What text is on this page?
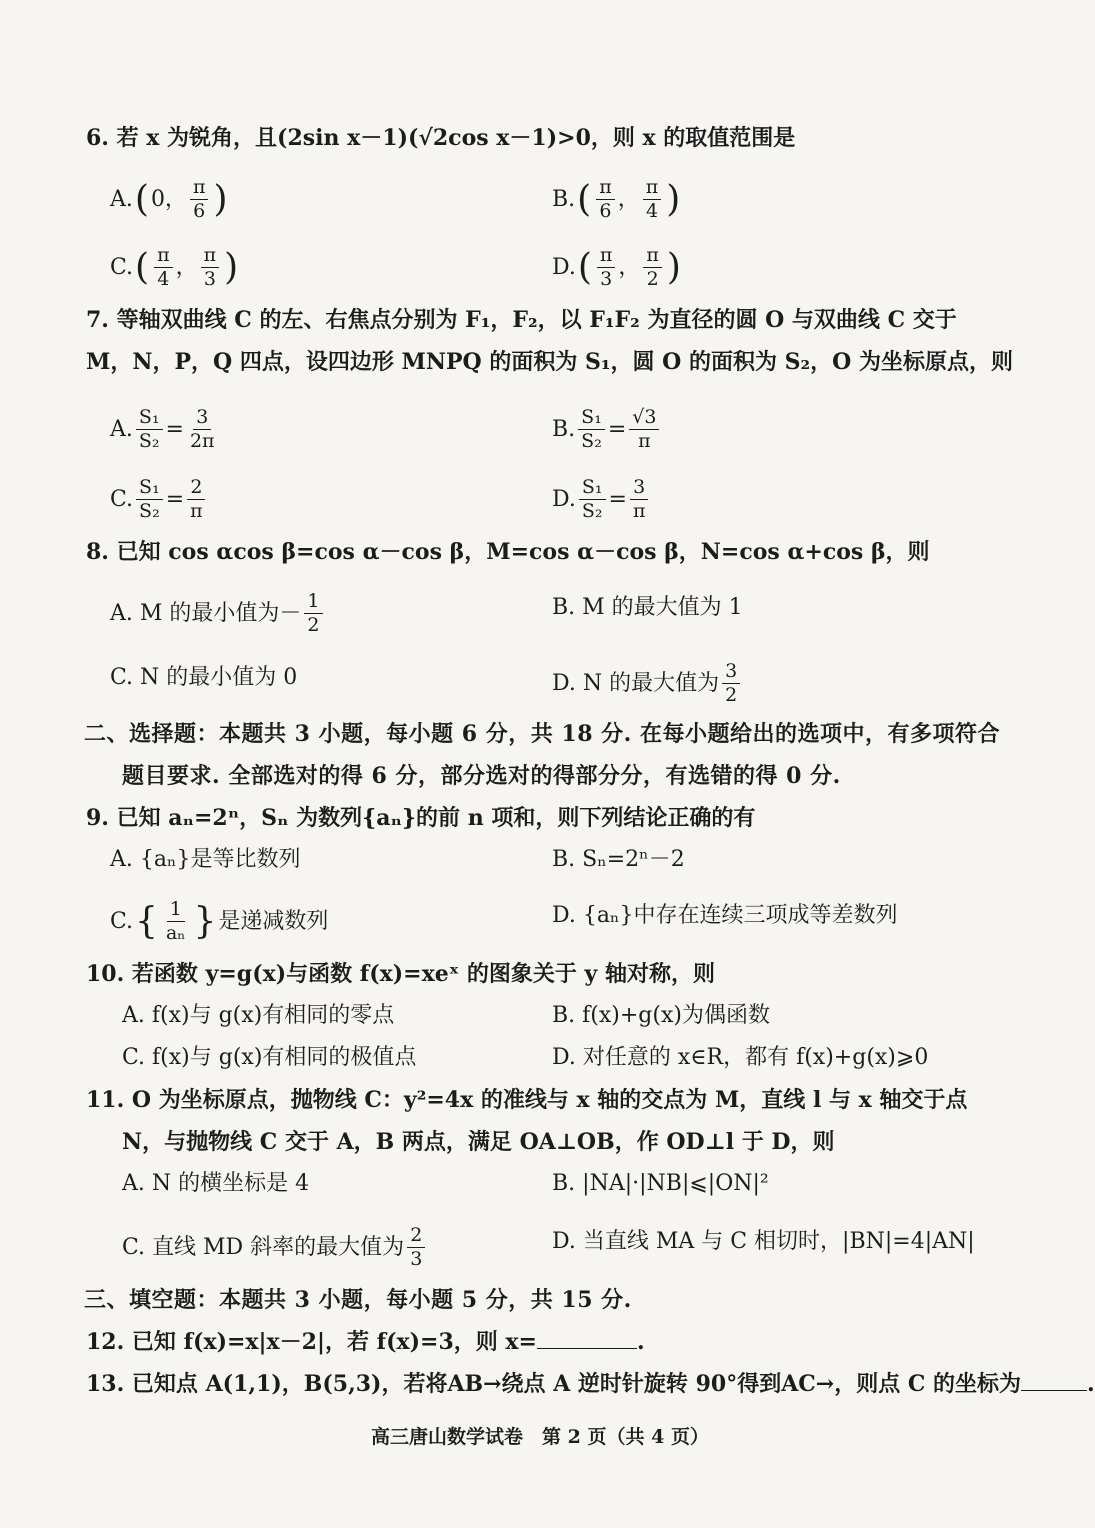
6. 若 x 为锐角，且(2sin x－1)(√2cos x－1)>0，则 x 的取值范围是
A. ( 0， $\frac{\pi}{6}$ )	B. ( $\frac{\pi}{6}$ ， $\frac{\pi}{4}$ )
C. ( $\frac{\pi}{4}$ ， $\frac{\pi}{3}$ )	D. ( $\frac{\pi}{3}$ ， $\frac{\pi}{2}$ )
7. 等轴双曲线 C 的左、右焦点分别为 F₁，F₂，以 F₁F₂ 为直径的圆 O 与双曲线 C 交于
M，N，P，Q 四点，设四边形 MNPQ 的面积为 S₁，圆 O 的面积为 S₂，O 为坐标原点，则
A. $\frac{\text{S₁}}{\text{S₂}} = \frac{3}{2\pi}$	B. $\frac{\text{S₁}}{\text{S₂}} = \frac{√3}{\pi}$
C. $\frac{\text{S₁}}{\text{S₂}} = \frac{2}{\pi}$	D. $\frac{\text{S₁}}{\text{S₂}} = \frac{3}{\pi}$
8. 已知 cos αcos β=cos α－cos β，M=cos α－cos β，N=cos α+cos β，则
A. M 的最小值为－ $\frac{1}{2}$	B. M 的最大值为 1
C. N 的最小值为 0	D. N 的最大值为 $\frac{3}{2}$
二、选择题：本题共 3 小题，每小题 6 分，共 18 分. 在每小题给出的选项中，有多项符合
题目要求. 全部选对的得 6 分，部分选对的得部分分，有选错的得 0 分.
9. 已知 aₙ=2ⁿ，Sₙ 为数列{aₙ}的前 n 项和，则下列结论正确的有
A. {aₙ}是等比数列	B. Sₙ=2ⁿ－2
C. { $\frac{1}{\text{aₙ}}$ } 是递减数列	D. {aₙ}中存在连续三项成等差数列
10. 若函数 y=g(x)与函数 f(x)=xeˣ 的图象关于 y 轴对称，则
A. f(x)与 g(x)有相同的零点	B. f(x)+g(x)为偶函数
C. f(x)与 g(x)有相同的极值点	D. 对任意的 x∈R，都有 f(x)+g(x)⩾0
11. O 为坐标原点，抛物线 C：y²=4x 的准线与 x 轴的交点为 M，直线 l 与 x 轴交于点
N，与抛物线 C 交于 A，B 两点，满足 OA⊥OB，作 OD⊥l 于 D，则
A. N 的横坐标是 4	B. |NA|·|NB|⩽|ON|²
C. 直线 MD 斜率的最大值为 $\frac{2}{3}$	D. 当直线 MA 与 C 相切时，|BN|=4|AN|
三、填空题：本题共 3 小题，每小题 5 分，共 15 分.
12. 已知 f(x)=x|x－2|，若 f(x)=3，则 x=	.
13. 已知点 A(1,1)，B(5,3)，若将AB→绕点 A 逆时针旋转 90°得到AC→，则点 C 的坐标为	.
高三唐山数学试卷　第 2 页（共 4 页）
